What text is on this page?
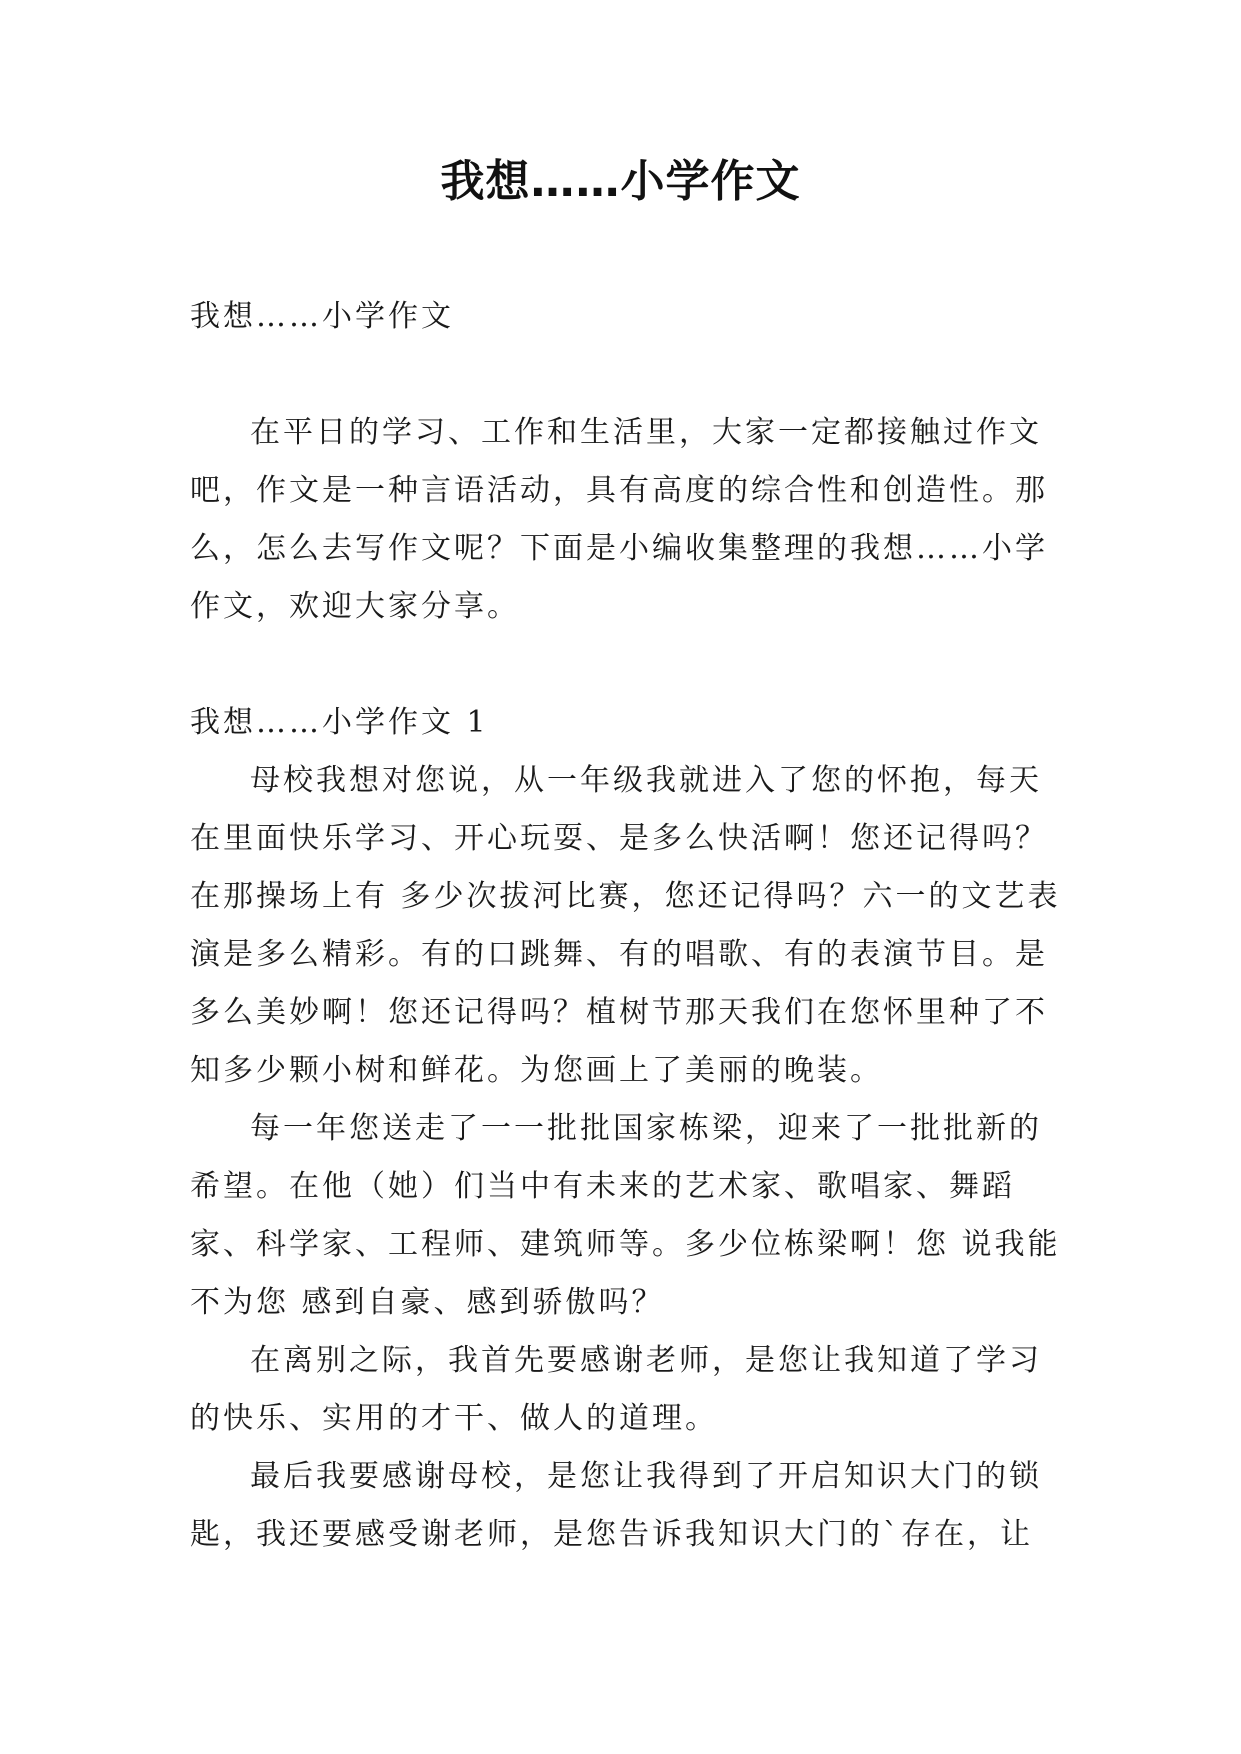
我想……小学作文

我想……小学作文

在平日的学习、工作和生活里，大家一定都接触过作文吧，作文是一种言语活动，具有高度的综合性和创造性。那么，怎么去写作文呢？下面是小编收集整理的我想……小学作文，欢迎大家分享。

我想……小学作文 1

母校我想对您说，从一年级我就进入了您的怀抱，每天在里面快乐学习、开心玩耍、是多么快活啊！您还记得吗？在那操场上有 多少次拔河比赛，您还记得吗？六一的文艺表演是多么精彩。有的口跳舞、有的唱歌、有的表演节目。是多么美妙啊！您还记得吗？植树节那天我们在您怀里种了不知多少颗小树和鲜花。为您画上了美丽的晚装。

每一年您送走了一一批批国家栋梁，迎来了一批批新的希望。在他（她）们当中有未来的艺术家、歌唱家、舞蹈家、科学家、工程师、建筑师等。多少位栋梁啊！您 说我能不为您 感到自豪、感到骄傲吗？

在离别之际，我首先要感谢老师，是您让我知道了学习的快乐、实用的才干、做人的道理。

最后我要感谢母校，是您让我得到了开启知识大门的锁匙，我还要感受谢老师，是您告诉我知识大门的`存在，让
